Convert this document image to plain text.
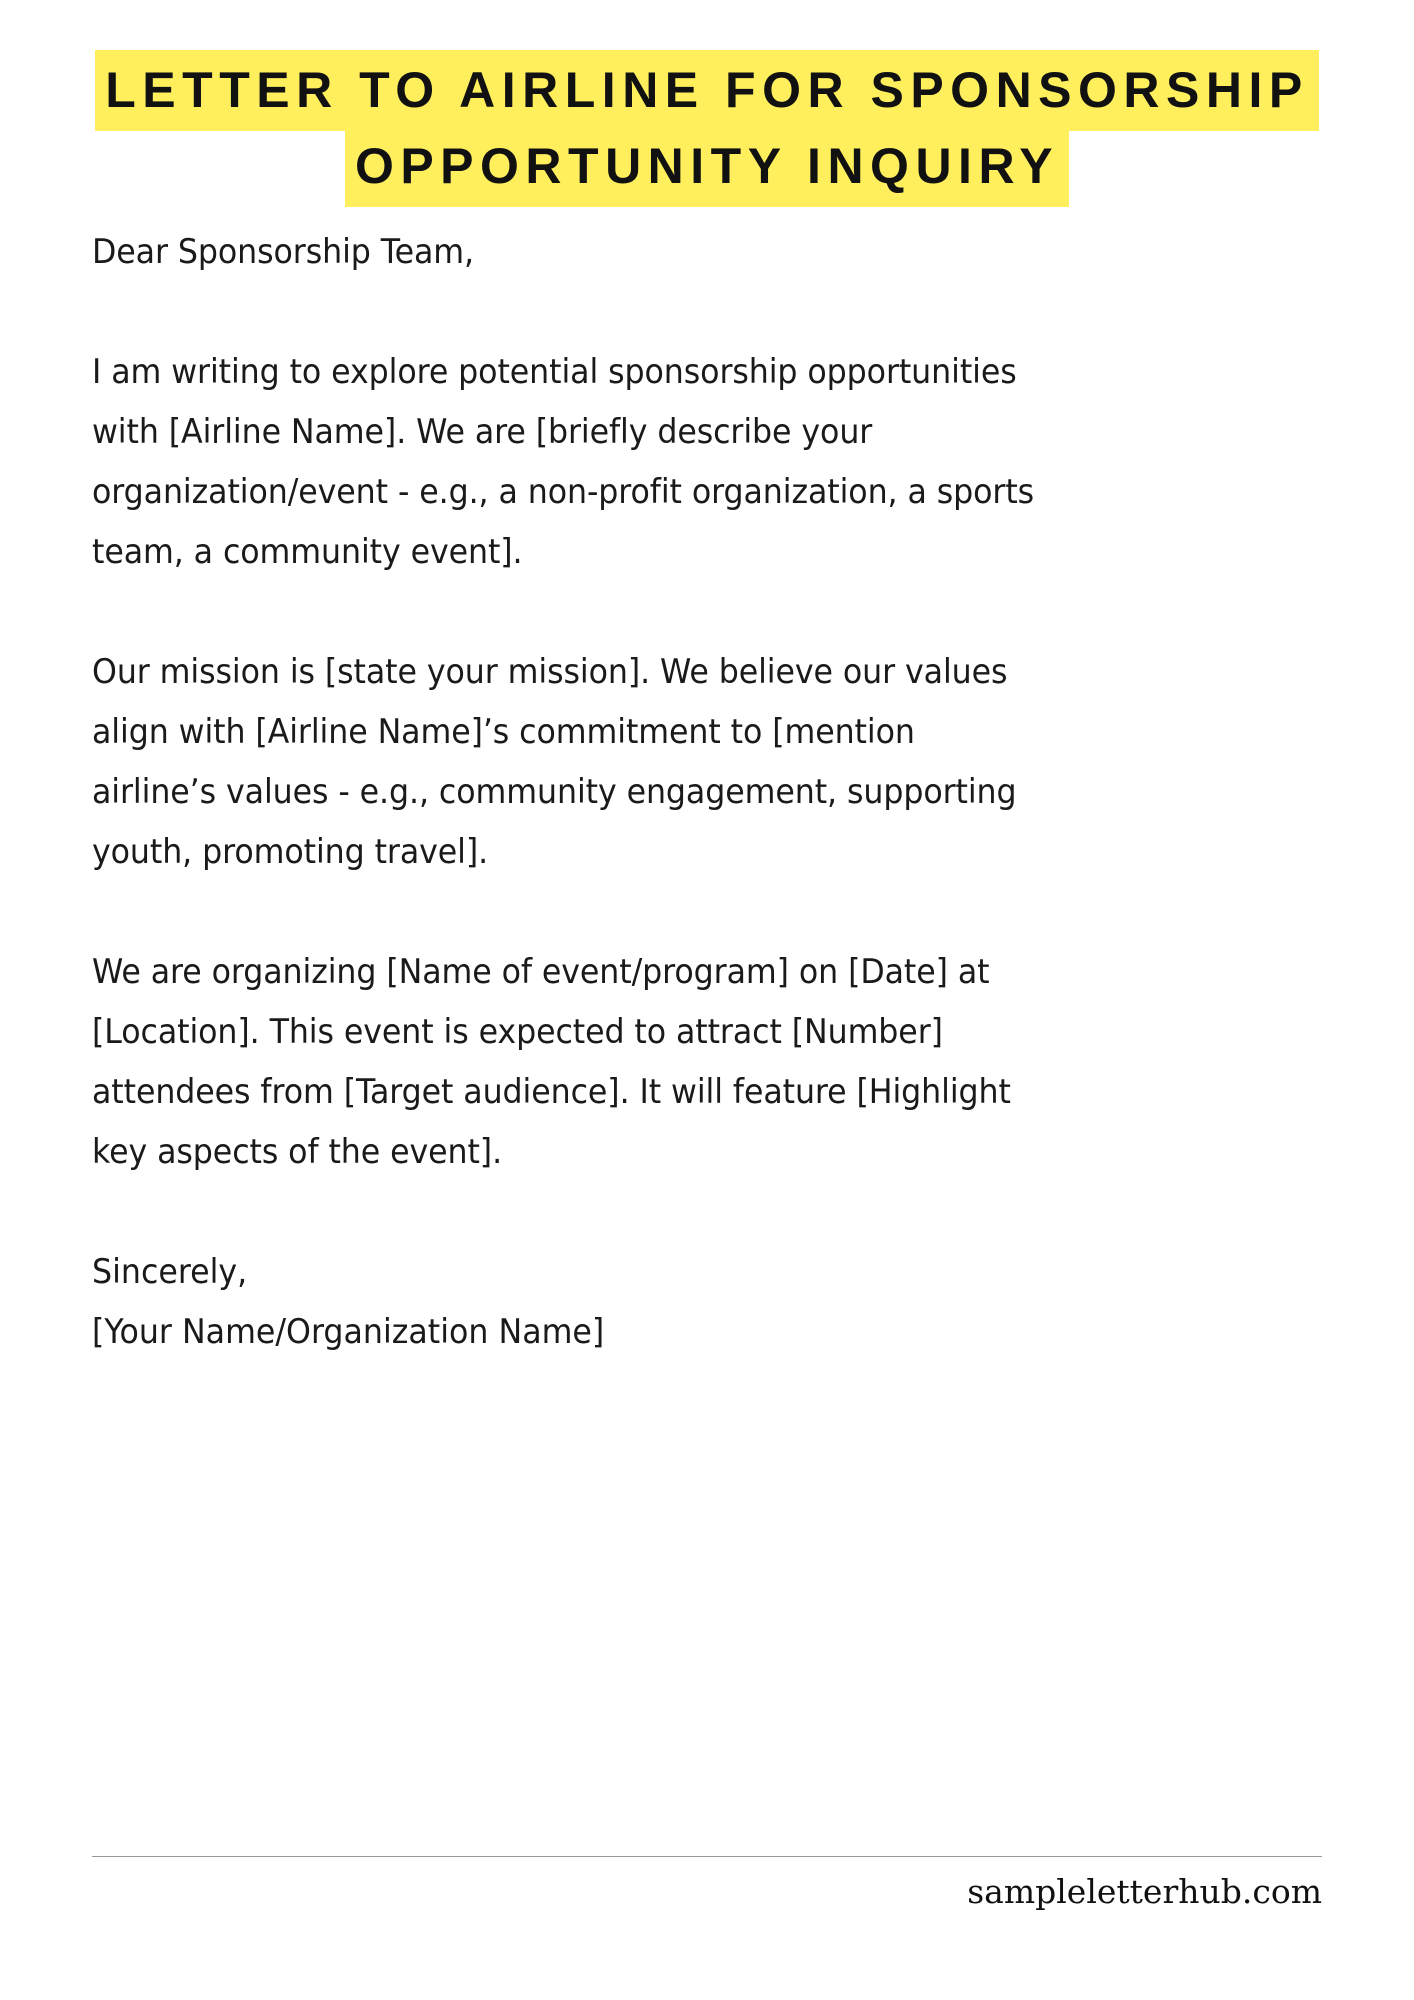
LETTER TO AIRLINE FOR SPONSORSHIP
OPPORTUNITY INQUIRY

Dear Sponsorship Team,

I am writing to explore potential sponsorship opportunities with [Airline Name]. We are [briefly describe your organization/event - e.g., a non-profit organization, a sports team, a community event].

Our mission is [state your mission]. We believe our values align with [Airline Name]’s commitment to [mention airline’s values - e.g., community engagement, supporting youth, promoting travel].

We are organizing [Name of event/program] on [Date] at [Location]. This event is expected to attract [Number] attendees from [Target audience]. It will feature [Highlight key aspects of the event].

Sincerely,

[Your Name/Organization Name]

sampleletterhub.com
